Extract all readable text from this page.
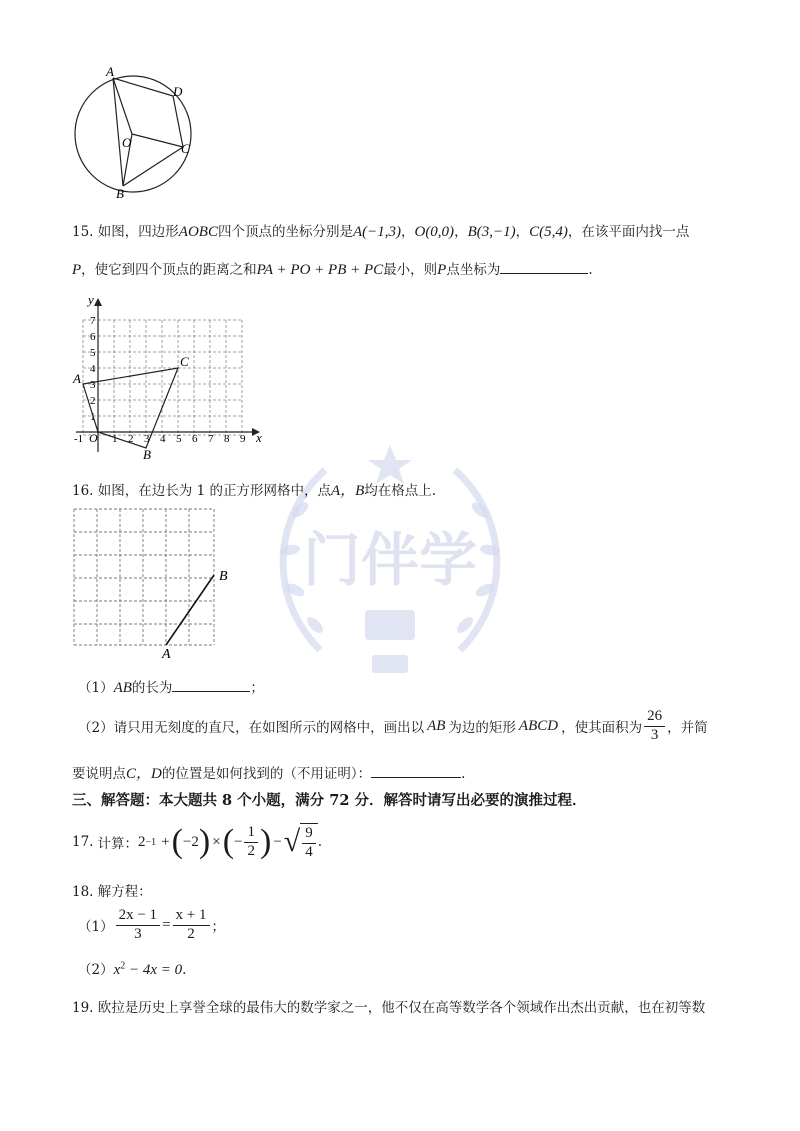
门伴学
A
D
O	C
B
15. 如图，四边形AOBC四个顶点的坐标分别是A(−1,3)，O(0,0)，B(3,−1)，C(5,4)，在该平面内找一点
P，使它到四个顶点的距离之和PA + PO + PB + PC最小，则P点坐标为	.
y
x
O
-1	1 2 3 4 5 6 7 8 9
1
2
3
4
5
6
7
A
B
C
16. 如图，在边长为 1 的正方形网格中，点A，B均在格点上.
B
A
（1）AB的长为	；
（2） 请只用无刻度的直尺，在如图所示的网格中，画出以 AB 为边的矩形 ABCD ，使其面积为 $\frac{26}{3}$ ，并简
要说明点C，D的位置是如何找到的（不用证明）：	.
三、解答题：本大题共 8 个小题，满分 72 分．解答时请写出必要的演推过程．
17. 计算： 2 −1 + ( −2 ) × ( − $\frac{1}{2}$ ) − √ $\frac{9}{4}$ .
18. 解方程：
$(1) \frac{2x - 1}{3} = \frac{x + 1}{2}$ ；
$(2)x^2 - 4x = 0$.
19. 欧拉是历史上享誉全球的最伟大的数学家之一，他不仅在高等数学各个领域作出杰出贡献，也在初等数
